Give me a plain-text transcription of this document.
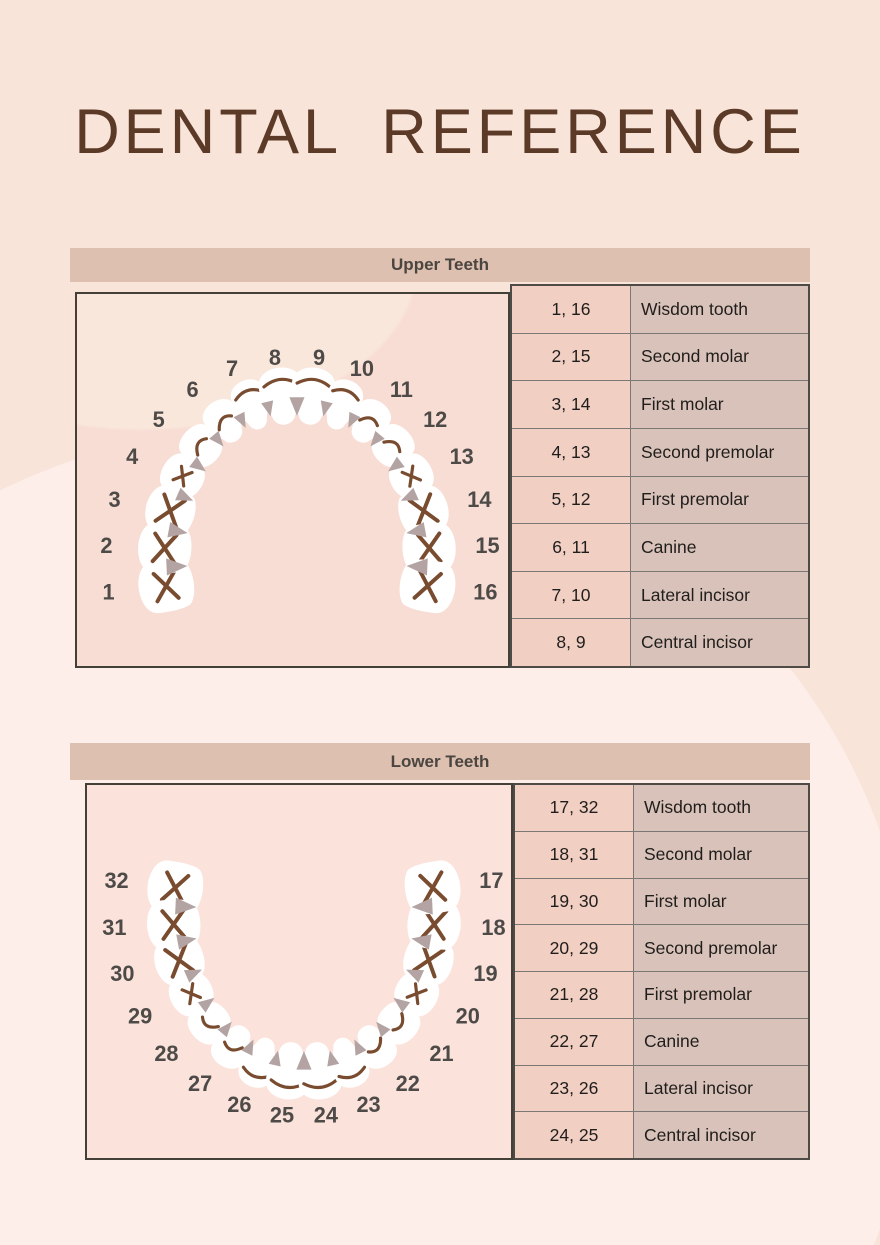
DENTAL REFERENCE
Upper Teeth
1
2
3
4
5
6
7 8 9 10
11
12
13
14
15
16
1, 16	Wisdom tooth
2, 15	Second molar
3, 14	First molar
4, 13	Second premolar
5, 12	First premolar
6, 11	Canine
7, 10	Lateral incisor
8, 9	Central incisor
Lower Teeth
32
31
30
29
28
27
26 25 24 23
22
21
20
19
18
17
17, 32	Wisdom tooth
18, 31	Second molar
19, 30	First molar
20, 29	Second premolar
21, 28	First premolar
22, 27	Canine
23, 26	Lateral incisor
24, 25	Central incisor
